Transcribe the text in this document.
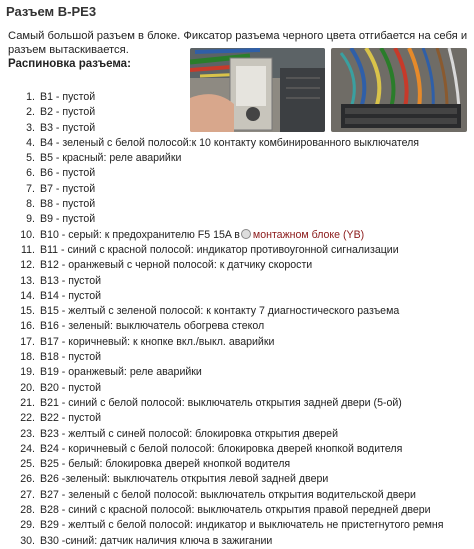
Разъем В-РЕ3
Самый большой разъем в блоке. Фиксатор разъема черного цвета отгибается на себя и разъем вытаскивается.
Распиновка разъема:
1. В1 - пустой
2. В2 - пустой
3. В3 - пустой
4. В4 - зеленый с белой полосой:к 10 контакту комбинированного выключателя
5. В5 - красный: реле аварийки
6. В6 - пустой
7. В7 - пустой
8. В8 - пустой
9. В9 - пустой
10. В10 - серый: к предохранителю F5 15A в монтажном блоке (YB)
11. В11 - синий с красной полосой: индикатор противоугонной сигнализации
12. В12 - оранжевый с черной полосой: к датчику скорости
13. В13 - пустой
14. В14 - пустой
15. В15 - желтый с зеленой полосой: к контакту 7 диагностического разъема
16. В16 - зеленый: выключатель обогрева стекол
17. В17 - коричневый: к кнопке вкл./выкл. аварийки
18. В18 - пустой
19. В19 - оранжевый: реле аварийки
20. В20 - пустой
21. В21 - синий с белой полосой: выключатель открытия задней двери (5-ой)
22. В22 - пустой
23. В23 - желтый с синей полосой: блокировка открытия дверей
24. В24 - коричневый с белой полосой: блокировка дверей кнопкой водителя
25. В25 - белый: блокировка дверей кнопкой водителя
26. В26 -зеленый: выключатель открытия левой задней двери
27. В27 - зеленый с белой полосой: выключатель открытия водительской двери
28. В28 - синий с красной полосой: выключатель открытия правой передней двери
29. В29 - желтый с белой полосой: индикатор и выключатель не пристегнутого ремня
30. В30 -синий: датчик наличия ключа в зажигании
